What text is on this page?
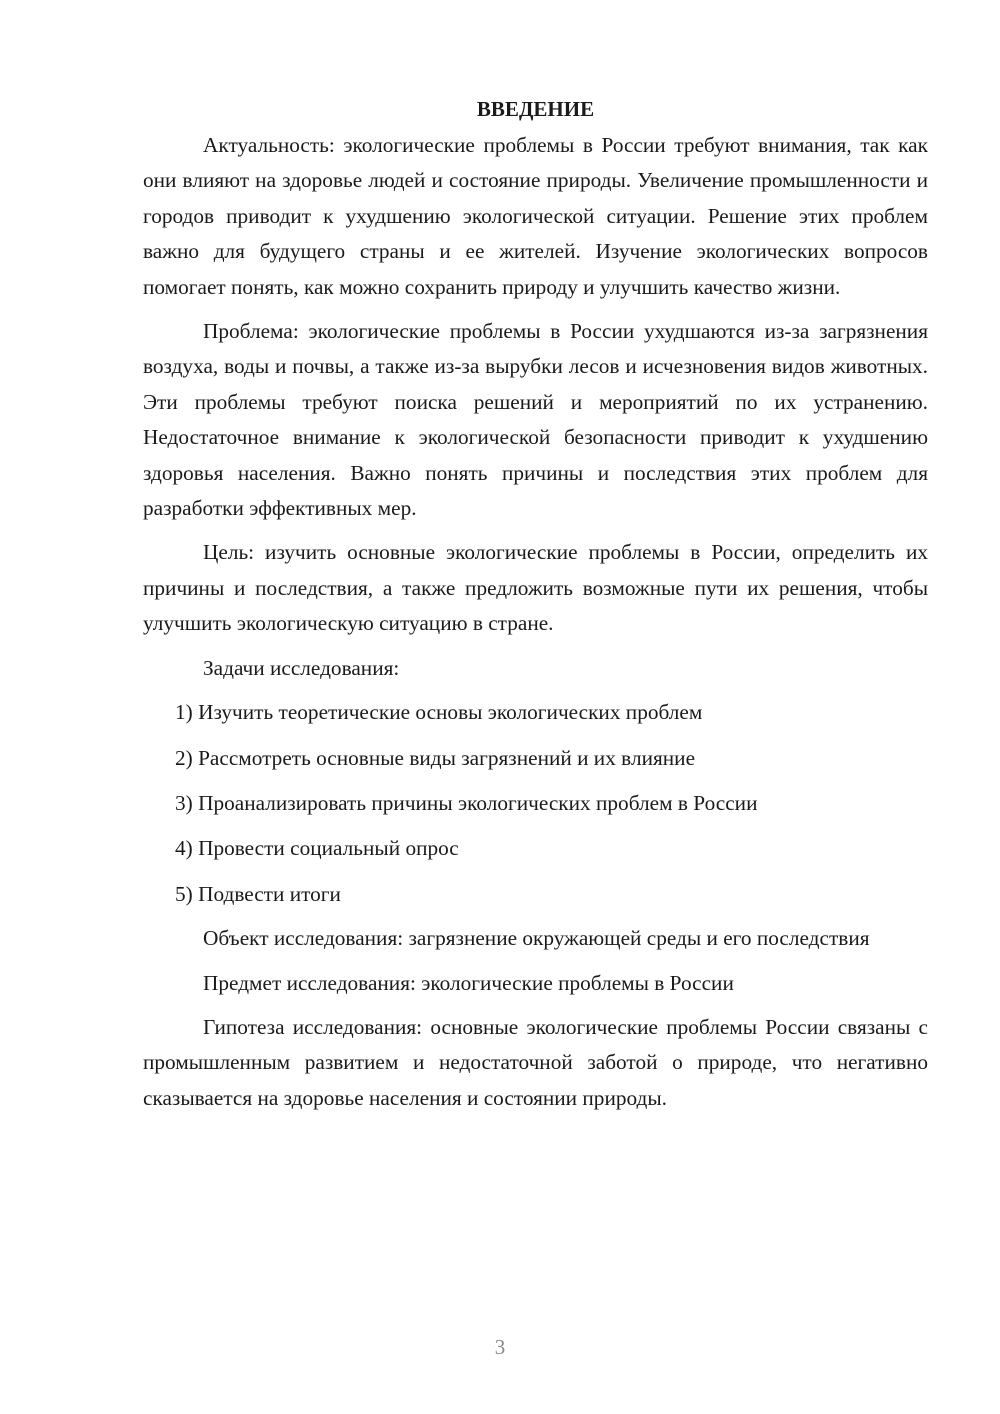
ВВЕДЕНИЕ

Актуальность: экологические проблемы в России требуют внимания, так как они влияют на здоровье людей и состояние природы. Увеличение промышленности и городов приводит к ухудшению экологической ситуации. Решение этих проблем важно для будущего страны и ее жителей. Изучение экологических вопросов помогает понять, как можно сохранить природу и улучшить качество жизни.

Проблема: экологические проблемы в России ухудшаются из-за загрязнения воздуха, воды и почвы, а также из-за вырубки лесов и исчезновения видов животных. Эти проблемы требуют поиска решений и мероприятий по их устранению. Недостаточное внимание к экологической безопасности приводит к ухудшению здоровья населения. Важно понять причины и последствия этих проблем для разработки эффективных мер.

Цель: изучить основные экологические проблемы в России, определить их причины и последствия, а также предложить возможные пути их решения, чтобы улучшить экологическую ситуацию в стране.

Задачи исследования:

1) Изучить теоретические основы экологических проблем
2) Рассмотреть основные виды загрязнений и их влияние
3) Проанализировать причины экологических проблем в России
4) Провести социальный опрос
5) Подвести итоги

Объект исследования: загрязнение окружающей среды и его последствия

Предмет исследования: экологические проблемы в России

Гипотеза исследования: основные экологические проблемы России связаны с промышленным развитием и недостаточной заботой о природе, что негативно сказывается на здоровье населения и состоянии природы.

3
